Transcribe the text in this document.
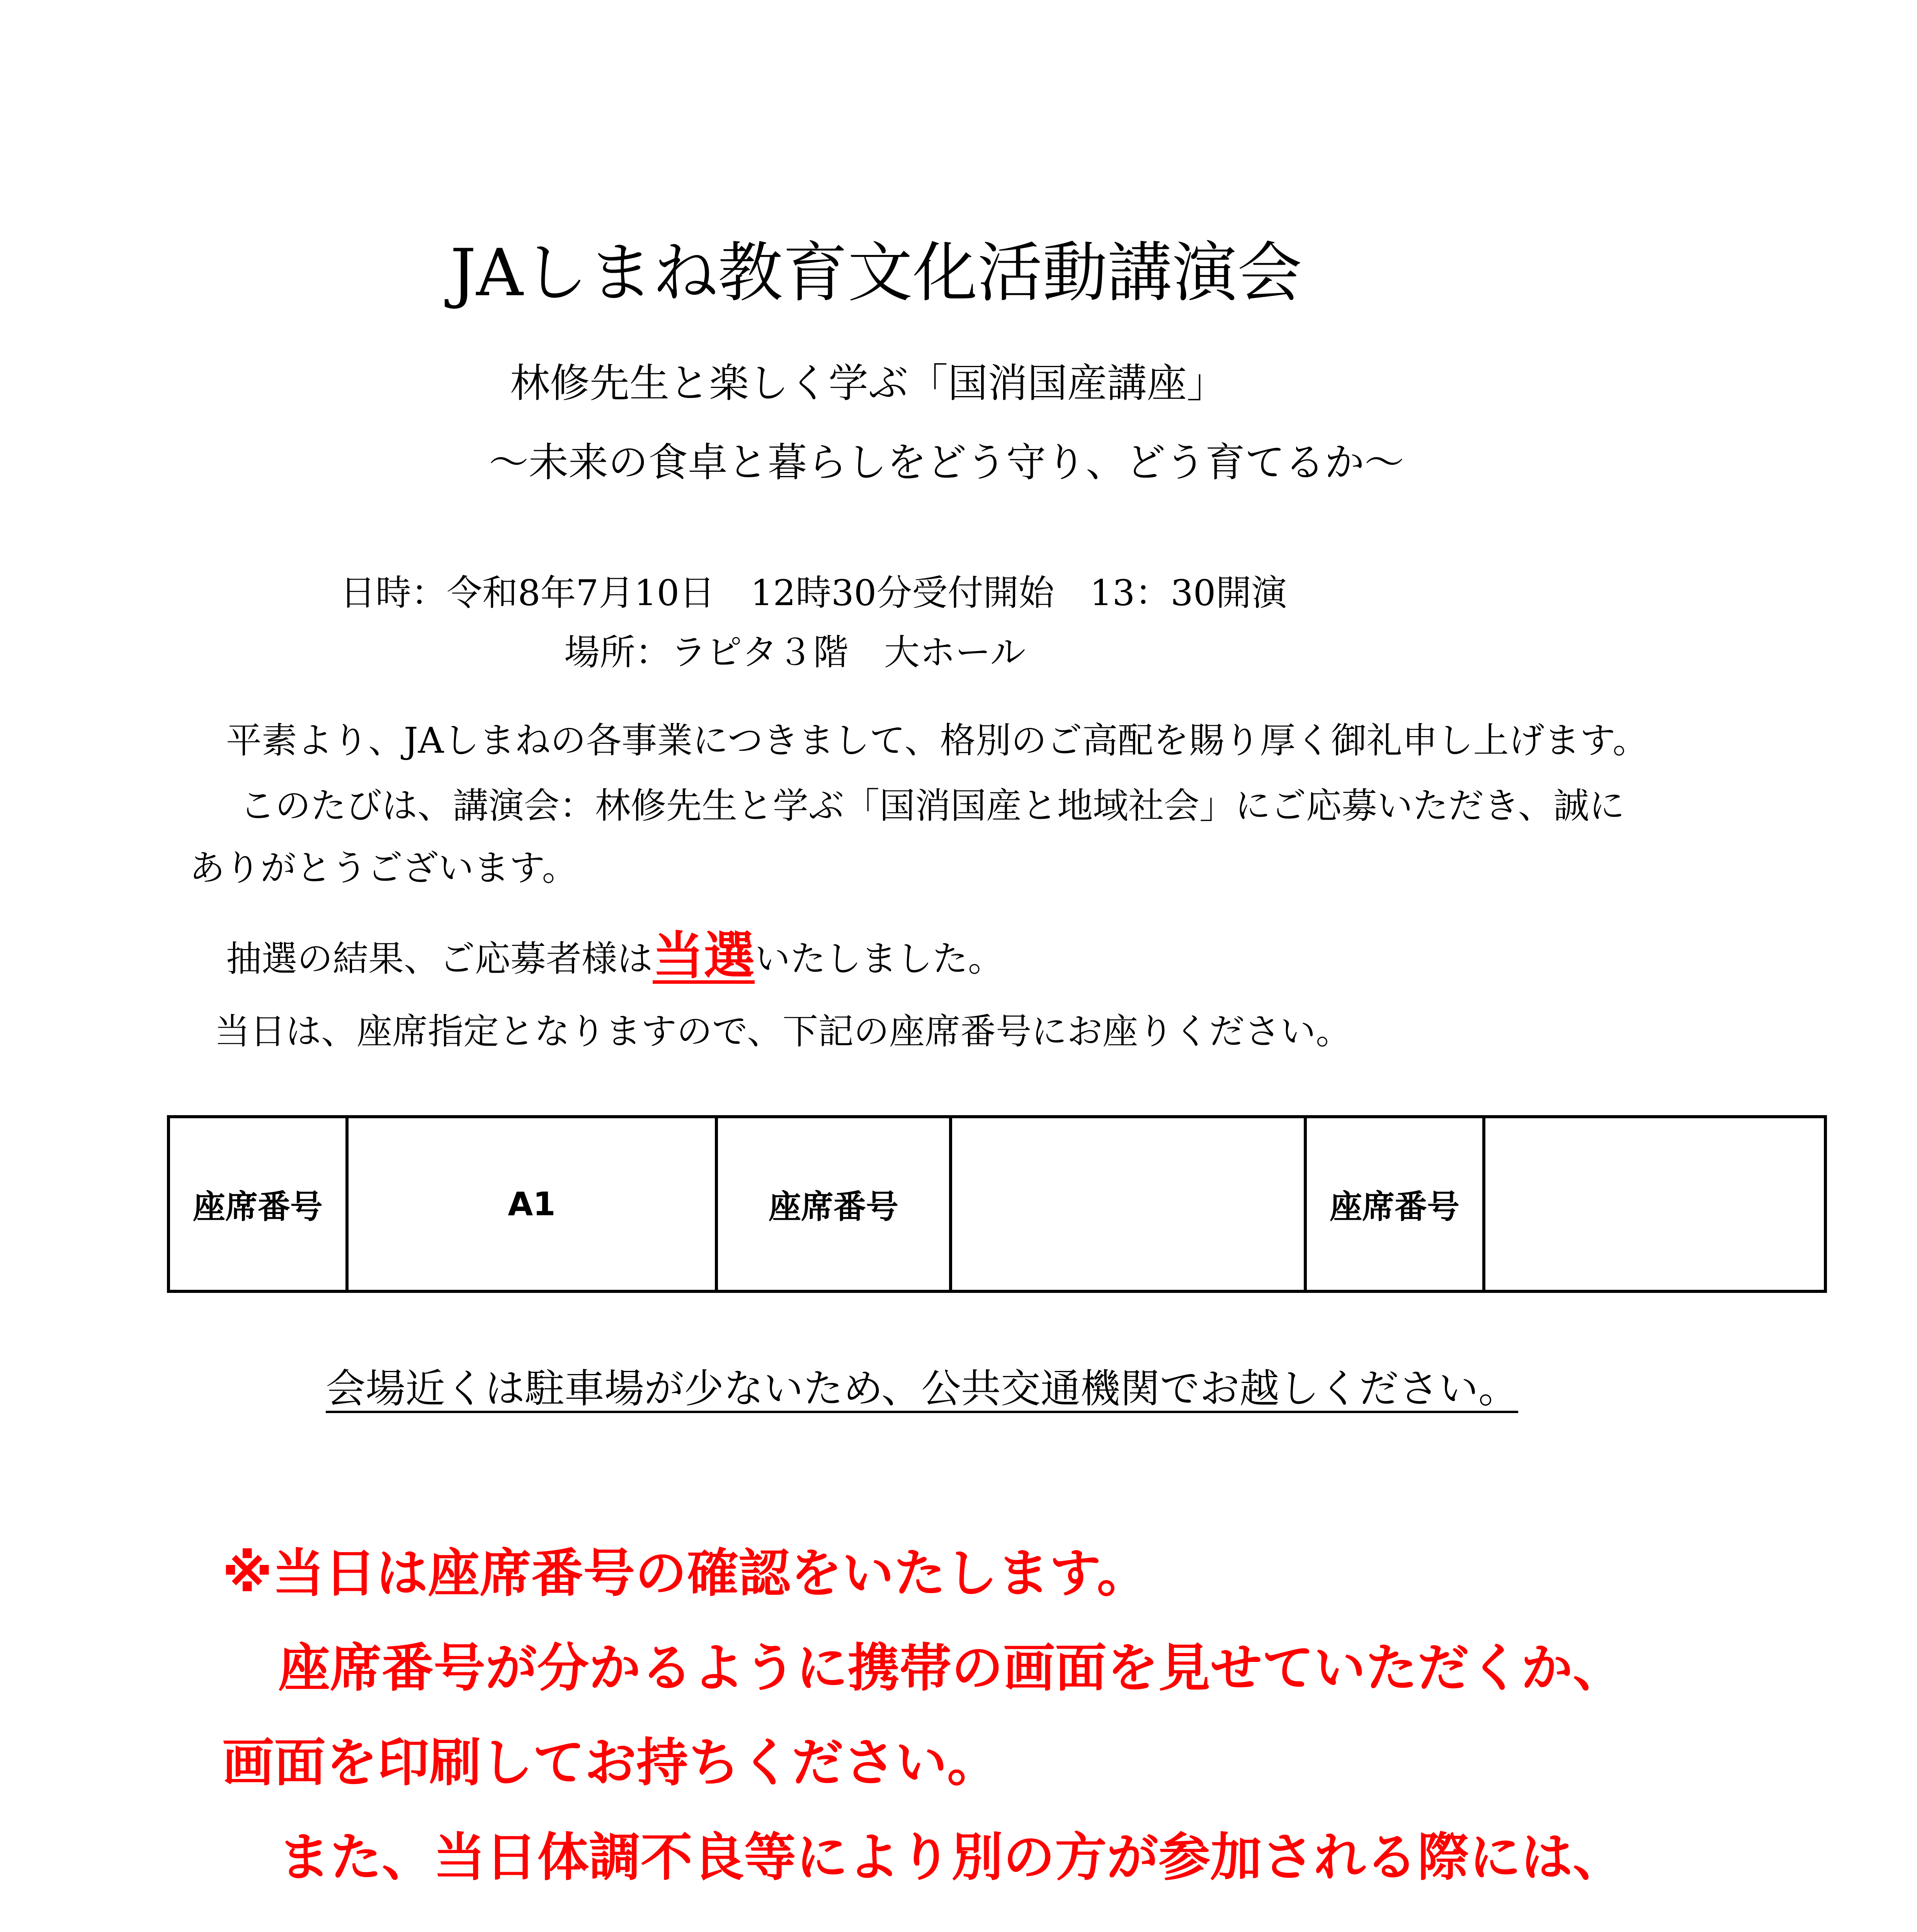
JAしまね教育文化活動講演会
林修先生と楽しく学ぶ「国消国産講座」
〜未来の食卓と暮らしをどう守り、どう育てるか〜
日時：令和8年7月10日　12時30分受付開始　13：30開演
場所：ラピタ３階　大ホール
平素より、JAしまねの各事業につきまして、格別のご高配を賜り厚く御礼申し上げます。
このたびは、講演会：林修先生と学ぶ「国消国産と地域社会」にご応募いただき、誠に
ありがとうございます。
抽選の結果、ご応募者様は当選いたしました。
当日は、座席指定となりますので、下記の座席番号にお座りください。
座席番号	A1	座席番号		座席番号	
会場近くは駐車場が少ないため、公共交通機関でお越しください。
※当日は座席番号の確認をいたします。
座席番号が分かるように携帯の画面を見せていただくか、
画面を印刷してお持ちください。
また、当日体調不良等により別の方が参加される際には、
